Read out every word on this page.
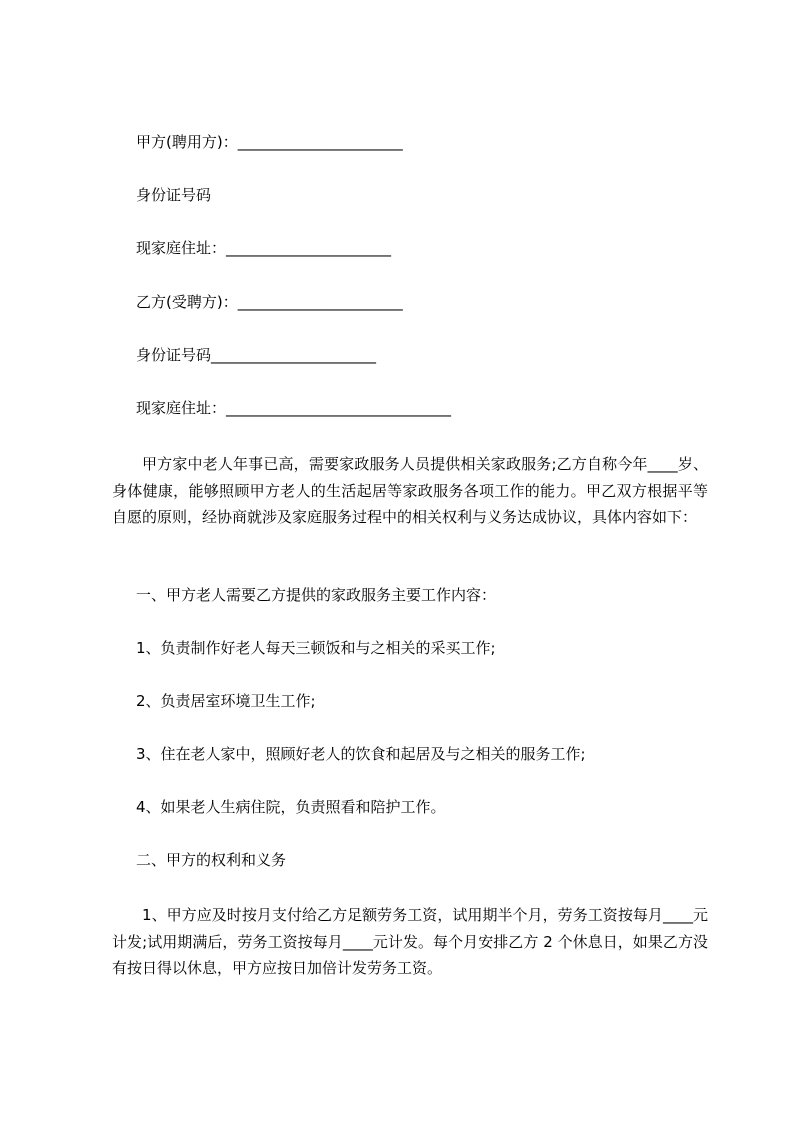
甲方(聘用方)：______________________
身份证号码
现家庭住址：______________________
乙方(受聘方)：______________________
身份证号码______________________
现家庭住址：______________________________
甲方家中老人年事已高，需要家政服务人员提供相关家政服务;乙方自称今年____岁、身体健康，能够照顾甲方老人的生活起居等家政服务各项工作的能力。甲乙双方根据平等自愿的原则，经协商就涉及家庭服务过程中的相关权利与义务达成协议，具体内容如下：
一、甲方老人需要乙方提供的家政服务主要工作内容：
1、负责制作好老人每天三顿饭和与之相关的采买工作;
2、负责居室环境卫生工作;
3、住在老人家中，照顾好老人的饮食和起居及与之相关的服务工作;
4、如果老人生病住院，负责照看和陪护工作。
二、甲方的权利和义务
1、甲方应及时按月支付给乙方足额劳务工资，试用期半个月，劳务工资按每月____元计发;试用期满后，劳务工资按每月____元计发。每个月安排乙方 2 个休息日，如果乙方没有按日得以休息，甲方应按日加倍计发劳务工资。
